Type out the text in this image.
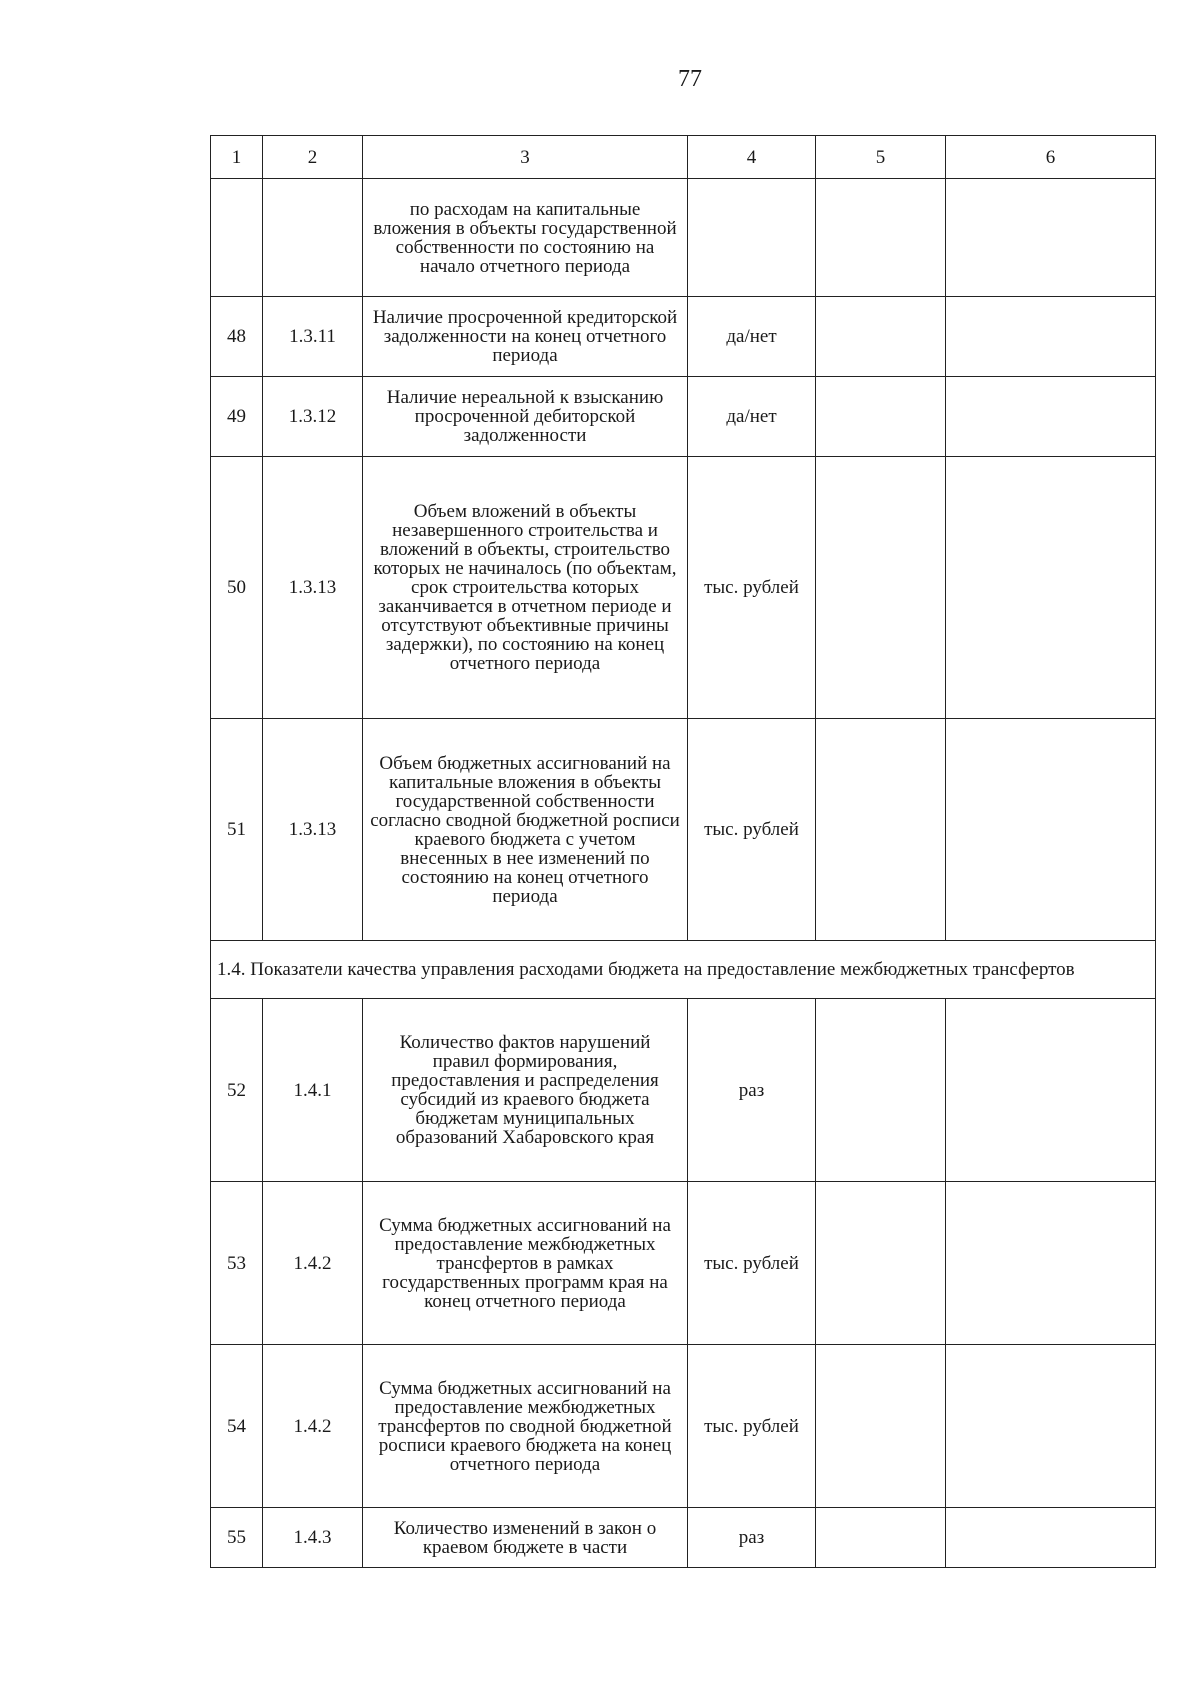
77
1	2	3	4	5	6
		по расходам на капитальные вложения в объекты государственной собственности по состоянию на начало отчетного периода			
48	1.3.11	Наличие просроченной кредиторской задолженности на конец отчетного периода	да/нет		
49	1.3.12	Наличие нереальной к взысканию просроченной дебиторской задолженности	да/нет		
50	1.3.13	Объем вложений в объекты незавершенного строительства и вложений в объекты, строительство которых не начиналось (по объектам, срок строительства которых заканчивается в отчетном периоде и отсутствуют объективные причины задержки), по состоянию на конец отчетного периода	тыс. рублей		
51	1.3.13	Объем бюджетных ассигнований на капитальные вложения в объекты государственной собственности согласно сводной бюджетной росписи краевого бюджета с учетом внесенных в нее изменений по состоянию на конец отчетного периода	тыс. рублей		
1.4. Показатели качества управления расходами бюджета на предоставление межбюджетных трансфертов					
52	1.4.1	Количество фактов нарушений правил формирования, предоставления и распределения субсидий из краевого бюджета бюджетам муниципальных образований Хабаровского края	раз		
53	1.4.2	Сумма бюджетных ассигнований на предоставление межбюджетных трансфертов в рамках государственных программ края на конец отчетного периода	тыс. рублей		
54	1.4.2	Сумма бюджетных ассигнований на предоставление межбюджетных трансфертов по сводной бюджетной росписи краевого бюджета на конец отчетного периода	тыс. рублей		
55	1.4.3	Количество изменений в закон о краевом бюджете в части	раз		
